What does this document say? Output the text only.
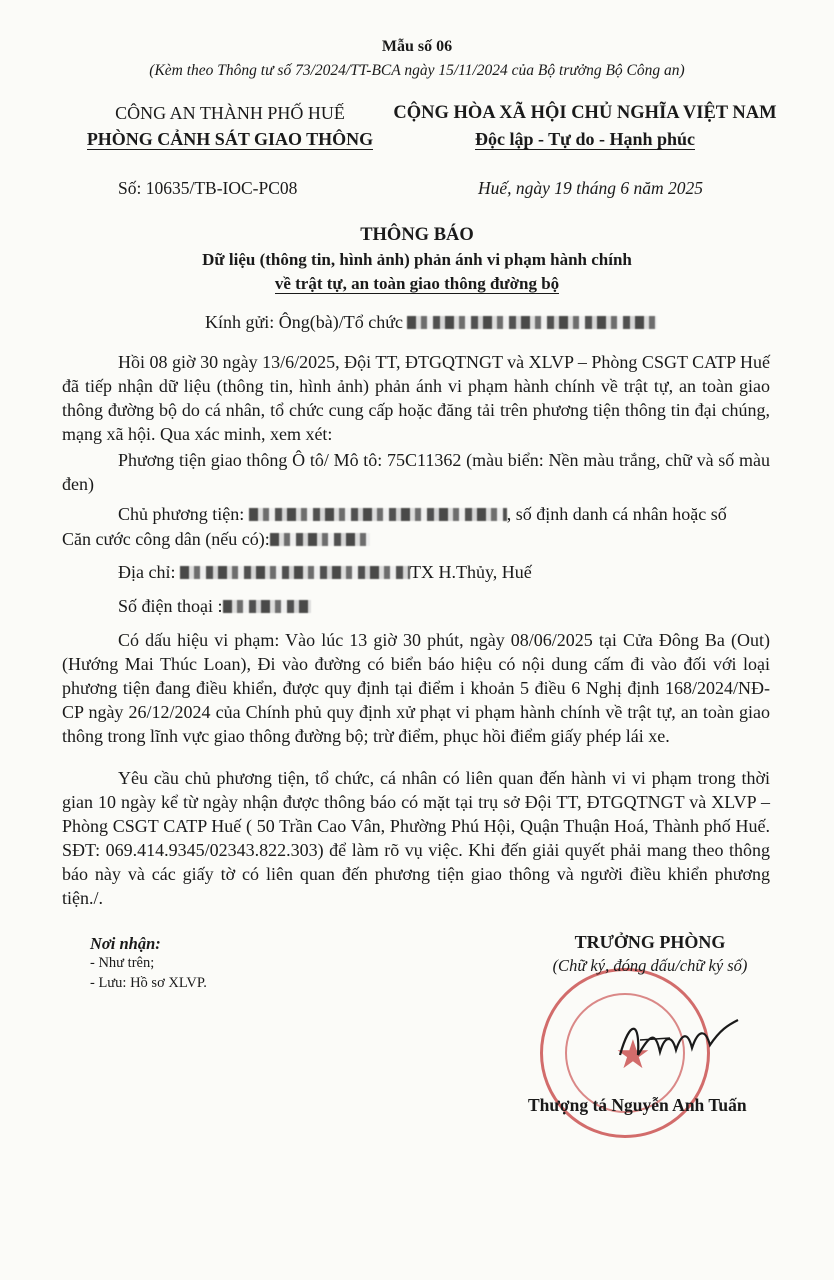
Mẫu số 06
(Kèm theo Thông tư số 73/2024/TT-BCA ngày 15/11/2024 của Bộ trưởng Bộ Công an)
CÔNG AN THÀNH PHỐ HUẾ
PHÒNG CẢNH SÁT GIAO THÔNG
CỘNG HÒA XÃ HỘI CHỦ NGHĨA VIỆT NAM
Độc lập - Tự do - Hạnh phúc
Số: 10635/TB-IOC-PC08	Huế, ngày 19 tháng 6 năm 2025
THÔNG BÁO
Dữ liệu (thông tin, hình ảnh) phản ánh vi phạm hành chính
về trật tự, an toàn giao thông đường bộ
Kính gửi: Ông(bà)/Tổ chức
Hồi 08 giờ 30 ngày 13/6/2025, Đội TT, ĐTGQTNGT và XLVP – Phòng CSGT CATP Huế đã tiếp nhận dữ liệu (thông tin, hình ảnh) phản ánh vi phạm hành chính về trật tự, an toàn giao thông đường bộ do cá nhân, tổ chức cung cấp hoặc đăng tải trên phương tiện thông tin đại chúng, mạng xã hội. Qua xác minh, xem xét:
Phương tiện giao thông Ô tô/ Mô tô: 75C11362 (màu biển: Nền màu trắng, chữ và số màu đen)
Chủ phương tiện:	, số định danh cá nhân hoặc số
Căn cước công dân (nếu có):
Địa chỉ:	TX H.Thủy, Huế
Số điện thoại :
Có dấu hiệu vi phạm: Vào lúc 13 giờ 30 phút, ngày 08/06/2025 tại Cửa Đông Ba (Out) (Hướng Mai Thúc Loan), Đi vào đường có biển báo hiệu có nội dung cấm đi vào đối với loại phương tiện đang điều khiển, được quy định tại điểm i khoản 5 điều 6 Nghị định 168/2024/NĐ-CP ngày 26/12/2024 của Chính phủ quy định xử phạt vi phạm hành chính về trật tự, an toàn giao thông trong lĩnh vực giao thông đường bộ; trừ điểm, phục hồi điểm giấy phép lái xe.
Yêu cầu chủ phương tiện, tổ chức, cá nhân có liên quan đến hành vi vi phạm trong thời gian 10 ngày kể từ ngày nhận được thông báo có mặt tại trụ sở Đội TT, ĐTGQTNGT và XLVP – Phòng CSGT CATP Huế ( 50 Trần Cao Vân, Phường Phú Hội, Quận Thuận Hoá, Thành phố Huế. SĐT: 069.414.9345/02343.822.303) để làm rõ vụ việc. Khi đến giải quyết phải mang theo thông báo này và các giấy tờ có liên quan đến phương tiện giao thông và người điều khiển phương tiện./.
Nơi nhận:
- Như trên;
- Lưu: Hồ sơ XLVP.
★
TRƯỞNG PHÒNG
(Chữ ký, đóng dấu/chữ ký số)
Thượng tá Nguyễn Anh Tuấn
